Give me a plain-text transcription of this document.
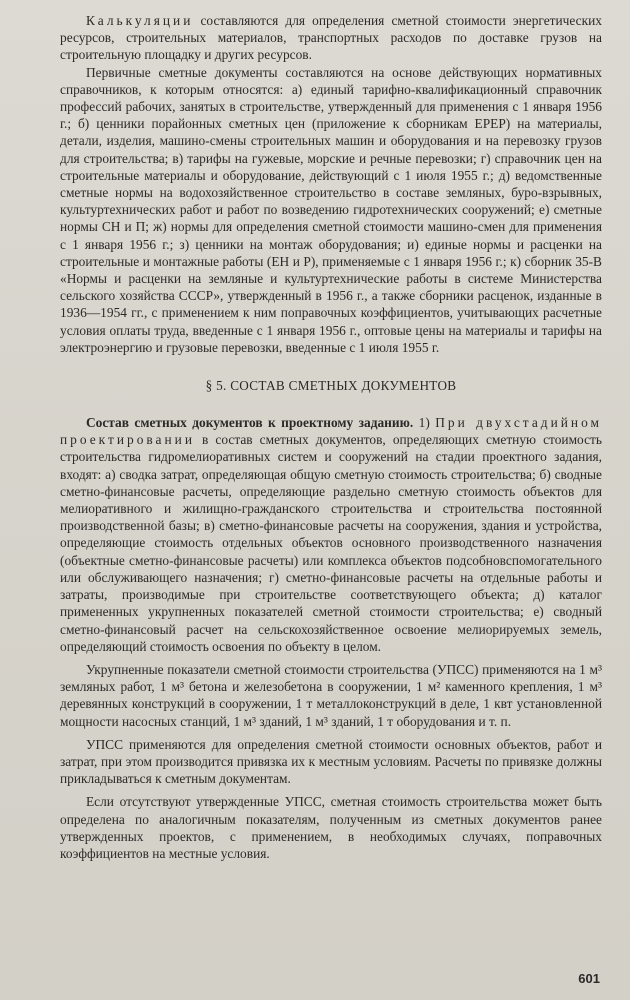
Калькуляции составляются для определения сметной стоимости энергетических ресурсов, строительных материалов, транспортных расходов по доставке грузов на строительную площадку и других ресурсов.

Первичные сметные документы составляются на основе действующих нормативных справочников, к которым относятся: а) единый тарифно-квалификационный справочник профессий рабочих, занятых в строительстве, утвержденный для применения с 1 января 1956 г.; б) ценники порайонных сметных цен (приложение к сборникам ЕРЕР) на материалы, детали, изделия, машино-смены строительных машин и оборудования и на перевозку грузов для строительства; в) тарифы на гужевые, морские и речные перевозки; г) справочник цен на строительные материалы и оборудование, действующий с 1 июля 1955 г.; д) ведомственные сметные нормы на водохозяйственное строительство в составе земляных, буро-взрывных, культуртехнических работ и работ по возведению гидротехнических сооружений; е) сметные нормы СН и П; ж) нормы для определения сметной стоимости машино-смен для применения с 1 января 1956 г.; з) ценники на монтаж оборудования; и) единые нормы и расценки на строительные и монтажные работы (ЕН и Р), применяемые с 1 января 1956 г.; к) сборник 35-В «Нормы и расценки на земляные и культуртехнические работы в системе Министерства сельского хозяйства СССР», утвержденный в 1956 г., а также сборники расценок, изданные в 1936—1954 гг., с применением к ним поправочных коэффициентов, учитывающих расчетные условия оплаты труда, введенные с 1 января 1956 г., оптовые цены на материалы и тарифы на электроэнергию и грузовые перевозки, введенные с 1 июля 1955 г.

§ 5. СОСТАВ СМЕТНЫХ ДОКУМЕНТОВ

Состав сметных документов к проектному заданию. 1) При двухстадийном проектировании в состав сметных документов, определяющих сметную стоимость строительства гидромелиоративных систем и сооружений на стадии проектного задания, входят: а) сводка затрат, определяющая общую сметную стоимость строительства; б) сводные сметно-финансовые расчеты, определяющие раздельно сметную стоимость объектов для мелиоративного и жилищно-гражданского строительства и строительства постоянной производственной базы; в) сметно-финансовые расчеты на сооружения, здания и устройства, определяющие стоимость отдельных объектов основного производственного назначения (объектные сметно-финансовые расчеты) или комплекса объектов подсобновспомогательного или обслуживающего назначения; г) сметно-финансовые расчеты на отдельные работы и затраты, производимые при строительстве соответствующего объекта; д) каталог примененных укрупненных показателей сметной стоимости строительства; е) сводный сметно-финансовый расчет на сельскохозяйственное освоение мелиорируемых земель, определяющий стоимость освоения по объекту в целом.

Укрупненные показатели сметной стоимости строительства (УПСС) применяются на 1 м³ земляных работ, 1 м³ бетона и железобетона в сооружении, 1 м² каменного крепления, 1 м³ деревянных конструкций в сооружении, 1 т металлоконструкций в деле, 1 квт установленной мощности насосных станций, 1 м³ зданий, 1 м³ зданий, 1 т оборудования и т. п.

УПСС применяются для определения сметной стоимости основных объектов, работ и затрат, при этом производится привязка их к местным условиям. Расчеты по привязке должны прикладываться к сметным документам.

Если отсутствуют утвержденные УПСС, сметная стоимость строительства может быть определена по аналогичным показателям, полученным из сметных документов ранее утвержденных проектов, с применением, в необходимых случаях, поправочных коэффициентов на местные условия.

601
